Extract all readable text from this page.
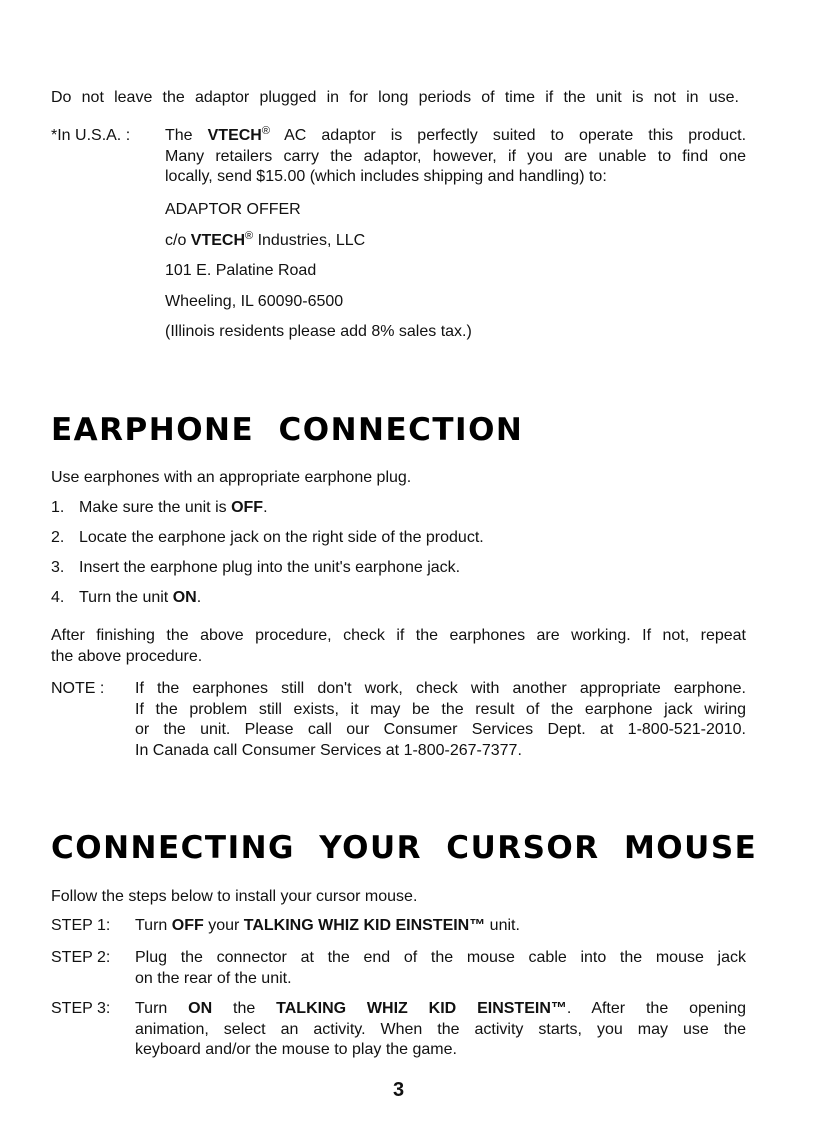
Do not leave the adaptor plugged in for long periods of time if the unit is not in use.
*In U.S.A. : The VTECH® AC adaptor is perfectly suited to operate this product.
Many retailers carry the adaptor, however, if you are unable to find one
locally, send $15.00 (which includes shipping and handling) to:
ADAPTOR OFFER
c/o VTECH® Industries, LLC
101 E. Palatine Road
Wheeling, IL 60090-6500
(Illinois residents please add 8% sales tax.)
EARPHONE CONNECTION
Use earphones with an appropriate earphone plug.
1. Make sure the unit is OFF.
2. Locate the earphone jack on the right side of the product.
3. Insert the earphone plug into the unit's earphone jack.
4. Turn the unit ON.
After finishing the above procedure, check if the earphones are working. If not, repeat
the above procedure.
NOTE : If the earphones still don't work, check with another appropriate earphone.
If the problem still exists, it may be the result of the earphone jack wiring
or the unit. Please call our Consumer Services Dept. at 1-800-521-2010.
In Canada call Consumer Services at 1-800-267-7377.
CONNECTING YOUR CURSOR MOUSE
Follow the steps below to install your cursor mouse.
STEP 1: Turn OFF your TALKING WHIZ KID EINSTEIN™ unit.
STEP 2: Plug the connector at the end of the mouse cable into the mouse jack
on the rear of the unit.
STEP 3: Turn ON the TALKING WHIZ KID EINSTEIN™. After the opening
animation, select an activity. When the activity starts, you may use the
keyboard and/or the mouse to play the game.
3
